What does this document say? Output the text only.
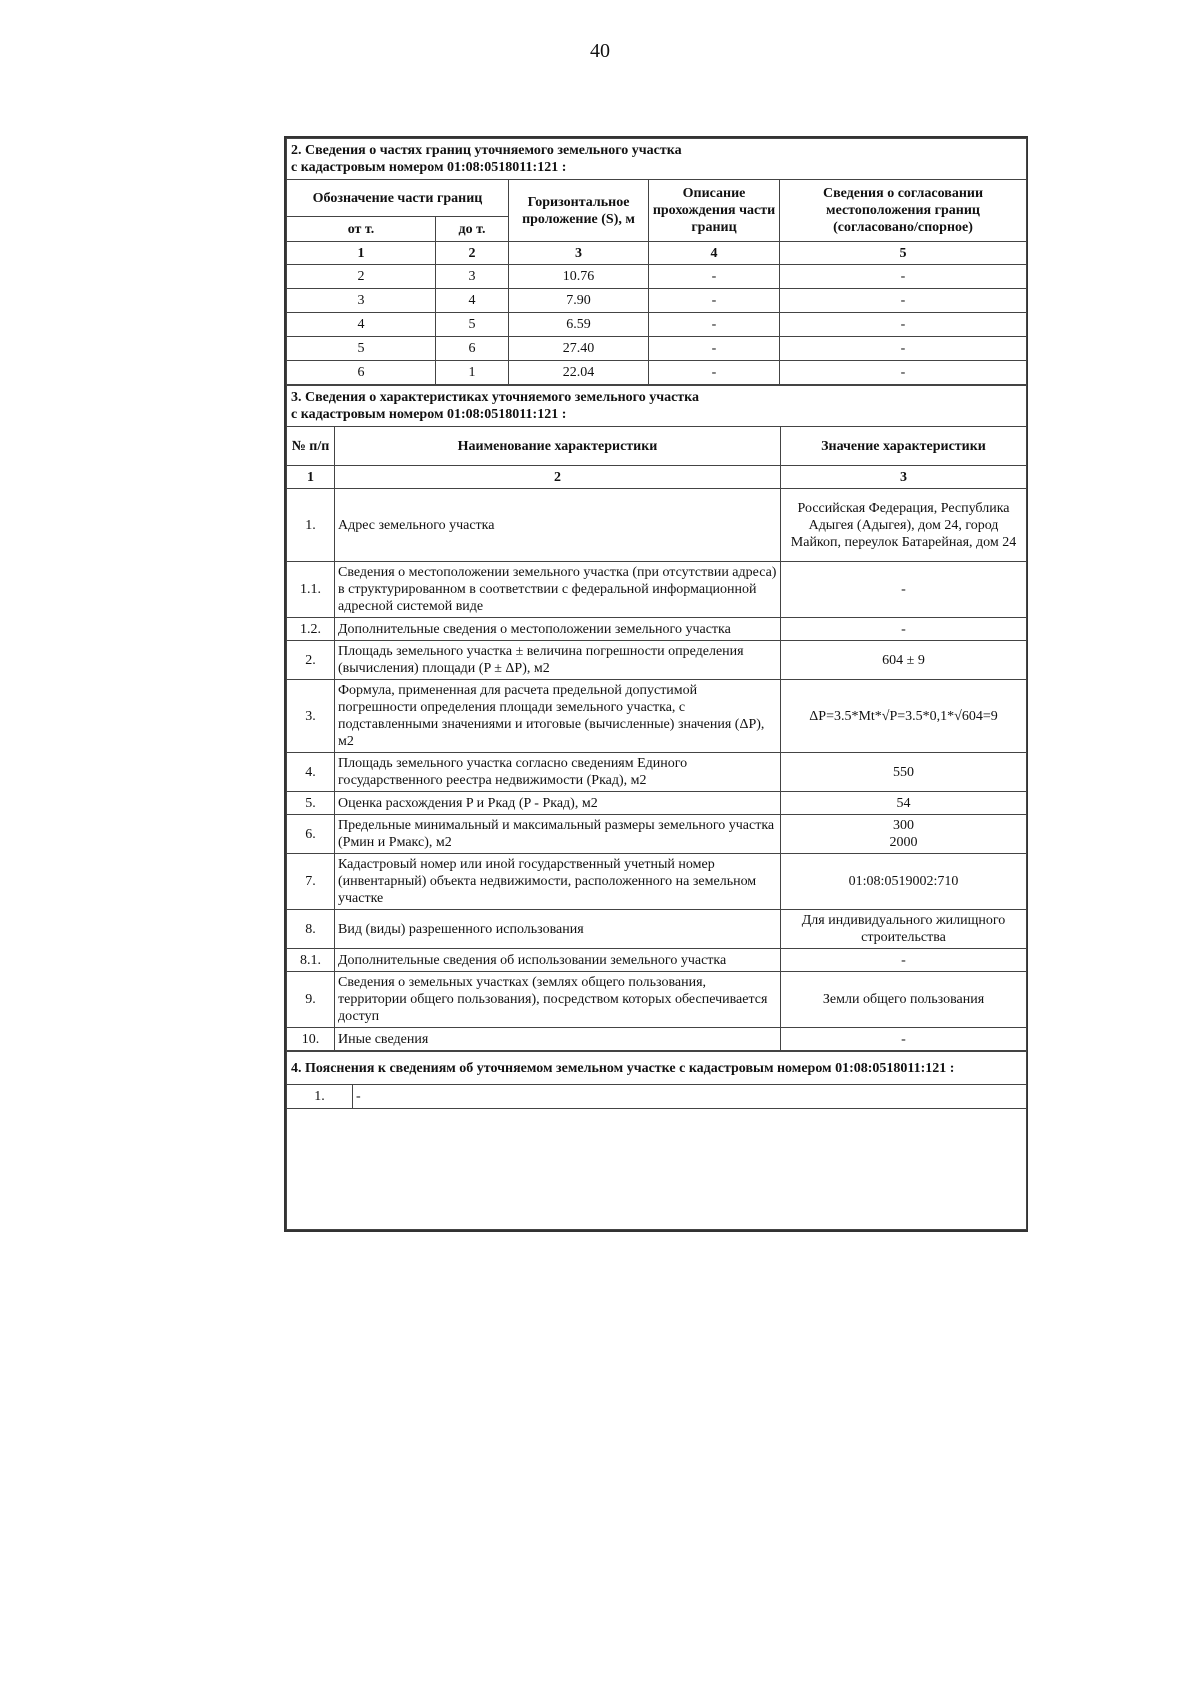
40
2. Сведения о частях границ уточняемого земельного участка
с кадастровым номером 01:08:0518011:121 :				

Обозначение части границ		Горизонтальное проложение (S), м	Описание прохождения части границ	Сведения о согласовании местоположения границ (согласовано/спорное)
от т.	до т.			
1	2	3	4	5
2	3	10.76	-	-
3	4	7.90	-	-
4	5	6.59	-	-
5	6	27.40	-	-
6	1	22.04	-	-
3. Сведения о характеристиках уточняемого земельного участка
с кадастровым номером 01:08:0518011:121 :		

№ п/п	Наименование характеристики	Значение характеристики
1	2	3
1.	Адрес земельного участка	Российская Федерация, Республика Адыгея (Адыгея), дом 24, город Майкоп, переулок Батарейная, дом 24
1.1.	Сведения о местоположении земельного участка (при отсутствии адреса) в структурированном в соответствии с федеральной информационной адресной системой виде	-
1.2.	Дополнительные сведения о местоположении земельного участка	-
2.	Площадь земельного участка ± величина погрешности определения (вычисления) площади (P ± ΔP), м2	604 ± 9
3.	Формула, примененная для расчета предельной допустимой погрешности определения площади земельного участка, с подставленными значениями и итоговые (вычисленные) значения (ΔP), м2	ΔP=3.5*Mt*√P=3.5*0,1*√604=9
4.	Площадь земельного участка согласно сведениям Единого государственного реестра недвижимости (Ркад), м2	550
5.	Оценка расхождения P и Ркад (P - Ркад), м2	54
6.	Предельные минимальный и максимальный размеры земельного участка (Рмин и Рмакс), м2	300
2000

7.	Кадастровый номер или иной государственный учетный номер (инвентарный) объекта недвижимости, расположенного на земельном участке	01:08:0519002:710
8.	Вид (виды) разрешенного использования	Для индивидуального жилищного строительства
8.1.	Дополнительные сведения об использовании земельного участка	-
9.	Сведения о земельных участках (землях общего пользования, территории общего пользования), посредством которых обеспечивается доступ	Земли общего пользования
10.	Иные сведения	-
4. Пояснения к сведениям об уточняемом земельном участке с кадастровым номером 01:08:0518011:121 :
1.	-
